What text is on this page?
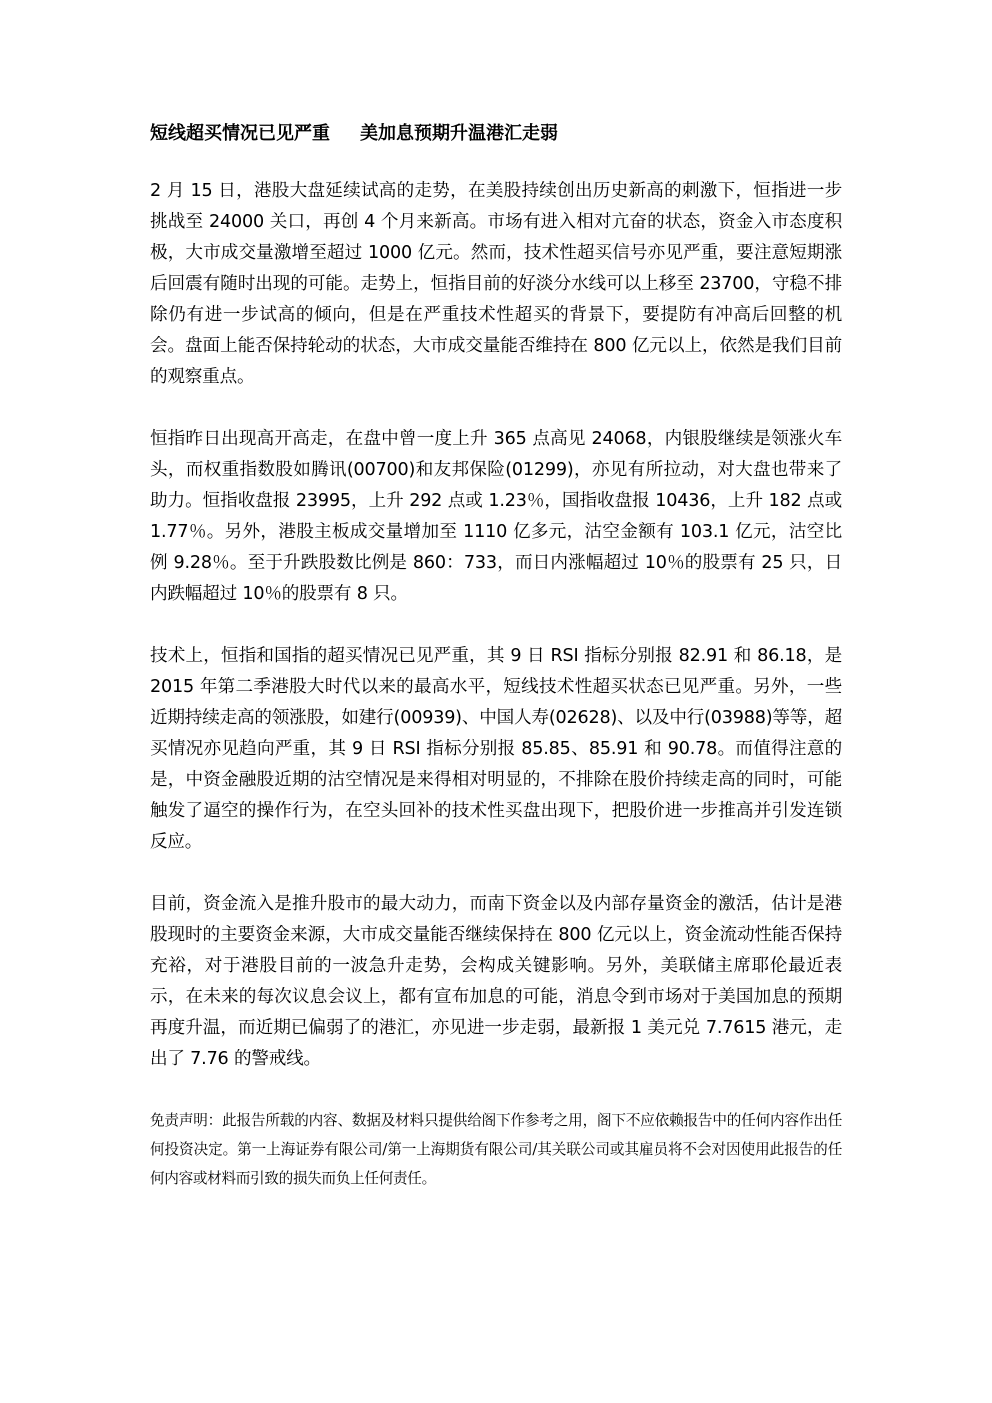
短线超买情况已见严重 美加息预期升温港汇走弱

2 月 15 日，港股大盘延续试高的走势，在美股持续创出历史新高的刺激下，恒指进一步挑战至 24000 关口，再创 4 个月来新高。市场有进入相对亢奋的状态，资金入市态度积极，大市成交量激增至超过 1000 亿元。然而，技术性超买信号亦见严重，要注意短期涨后回震有随时出现的可能。走势上，恒指目前的好淡分水线可以上移至 23700，守稳不排除仍有进一步试高的倾向，但是在严重技术性超买的背景下，要提防有冲高后回整的机会。盘面上能否保持轮动的状态，大市成交量能否维持在 800 亿元以上，依然是我们目前的观察重点。

恒指昨日出现高开高走，在盘中曾一度上升 365 点高见 24068，内银股继续是领涨火车头，而权重指数股如腾讯(00700)和友邦保险(01299)，亦见有所拉动，对大盘也带来了助力。恒指收盘报 23995，上升 292 点或 1.23％，国指收盘报 10436，上升 182 点或 1.77％。另外，港股主板成交量增加至 1110 亿多元，沽空金额有 103.1 亿元，沽空比例 9.28％。至于升跌股数比例是 860：733，而日内涨幅超过 10％的股票有 25 只，日内跌幅超过 10％的股票有 8 只。

技术上，恒指和国指的超买情况已见严重，其 9 日 RSI 指标分别报 82.91 和 86.18，是 2015 年第二季港股大时代以来的最高水平，短线技术性超买状态已见严重。另外，一些近期持续走高的领涨股，如建行(00939)、中国人寿(02628)、以及中行(03988)等等，超买情况亦见趋向严重，其 9 日 RSI 指标分别报 85.85、85.91 和 90.78。而值得注意的是，中资金融股近期的沽空情况是来得相对明显的，不排除在股价持续走高的同时，可能触发了逼空的操作行为，在空头回补的技术性买盘出现下，把股价进一步推高并引发连锁反应。

目前，资金流入是推升股市的最大动力，而南下资金以及内部存量资金的激活，估计是港股现时的主要资金来源，大市成交量能否继续保持在 800 亿元以上，资金流动性能否保持充裕，对于港股目前的一波急升走势，会构成关键影响。另外，美联储主席耶伦最近表示，在未来的每次议息会议上，都有宣布加息的可能，消息令到市场对于美国加息的预期再度升温，而近期已偏弱了的港汇，亦见进一步走弱，最新报 1 美元兑 7.7615 港元，走出了 7.76 的警戒线。

免责声明：此报告所载的内容、数据及材料只提供给阁下作参考之用，阁下不应依赖报告中的任何内容作出任何投资决定。第一上海证券有限公司/第一上海期货有限公司/其关联公司或其雇员将不会对因使用此报告的任何内容或材料而引致的损失而负上任何责任。
